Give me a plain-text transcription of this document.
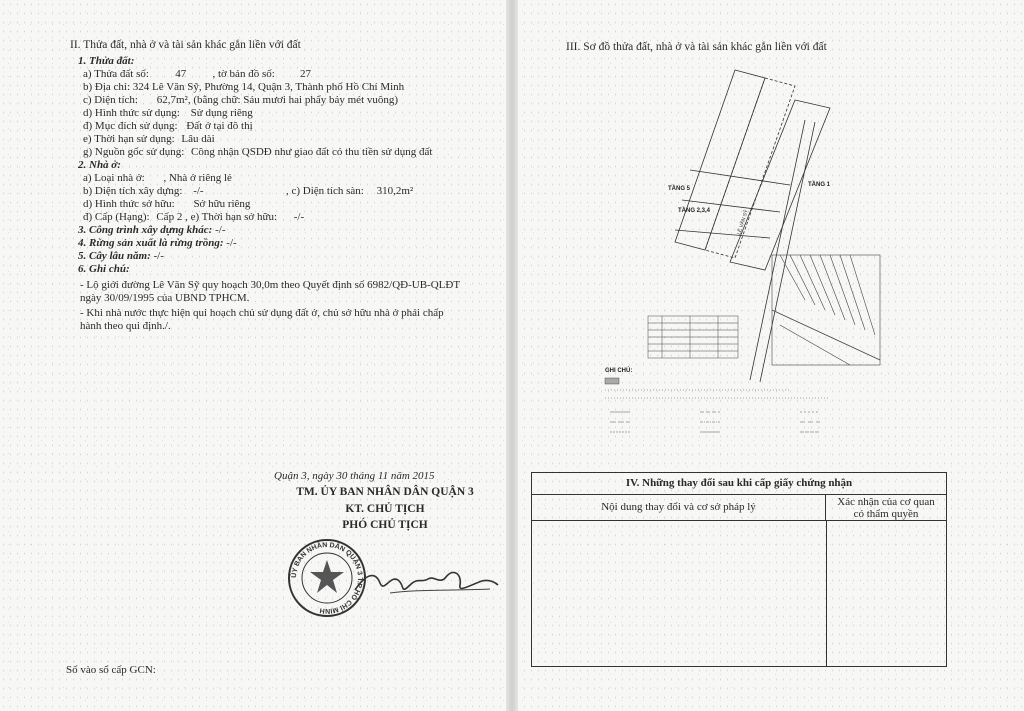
II. Thửa đất, nhà ở và tài sản khác gắn liền với đất
1. Thửa đất:
a) Thửa đất số: 47 , tờ bản đồ số: 27
b) Địa chỉ: 324 Lê Văn Sỹ, Phường 14, Quận 3, Thành phố Hồ Chí Minh
c) Diện tích: 62,7m², (bằng chữ: Sáu mươi hai phẩy bảy mét vuông)
d) Hình thức sử dụng: Sử dụng riêng
đ) Mục đích sử dụng: Đất ở tại đô thị
e) Thời hạn sử dụng: Lâu dài
g) Nguồn gốc sử dụng: Công nhận QSDĐ như giao đất có thu tiền sử dụng đất
2. Nhà ở:
a) Loại nhà ở: , Nhà ở riêng lẻ
b) Diện tích xây dựng: -/-	, c) Diện tích sàn: 310,2m²
d) Hình thức sở hữu: Sở hữu riêng
đ) Cấp (Hạng): Cấp 2 , e) Thời hạn sở hữu: -/-
3. Công trình xây dựng khác: -/-
4. Rừng sản xuất là rừng trồng: -/-
5. Cây lâu năm: -/-
6. Ghi chú:
- Lộ giới đường Lê Văn Sỹ quy hoạch 30,0m theo Quyết định số 6982/QĐ-UB-QLĐT
ngày 30/09/1995 của UBND TPHCM.
- Khi nhà nước thực hiện qui hoạch chủ sử dụng đất ở, chủ sở hữu nhà ở phải chấp
hành theo qui định./.
Quận 3, ngày 30 tháng 11 năm 2015
TM. ỦY BAN NHÂN DÂN QUẬN 3
KT. CHỦ TỊCH
PHÓ CHỦ TỊCH
ỦY BAN NHÂN DÂN QUẬN 3 T.P HỒ CHÍ MINH
Số vào sổ cấp GCN:
III. Sơ đồ thửa đất, nhà ở và tài sản khác gắn liền với đất
TẦNG 5
TẦNG 1
TẦNG 2,3,4	LÊ VĂN SỸ
GHI CHÚ:
IV. Những thay đổi sau khi cấp giấy chứng nhận
Nội dung thay đổi và cơ sở pháp lý	Xác nhận của cơ quan
có thẩm quyền
